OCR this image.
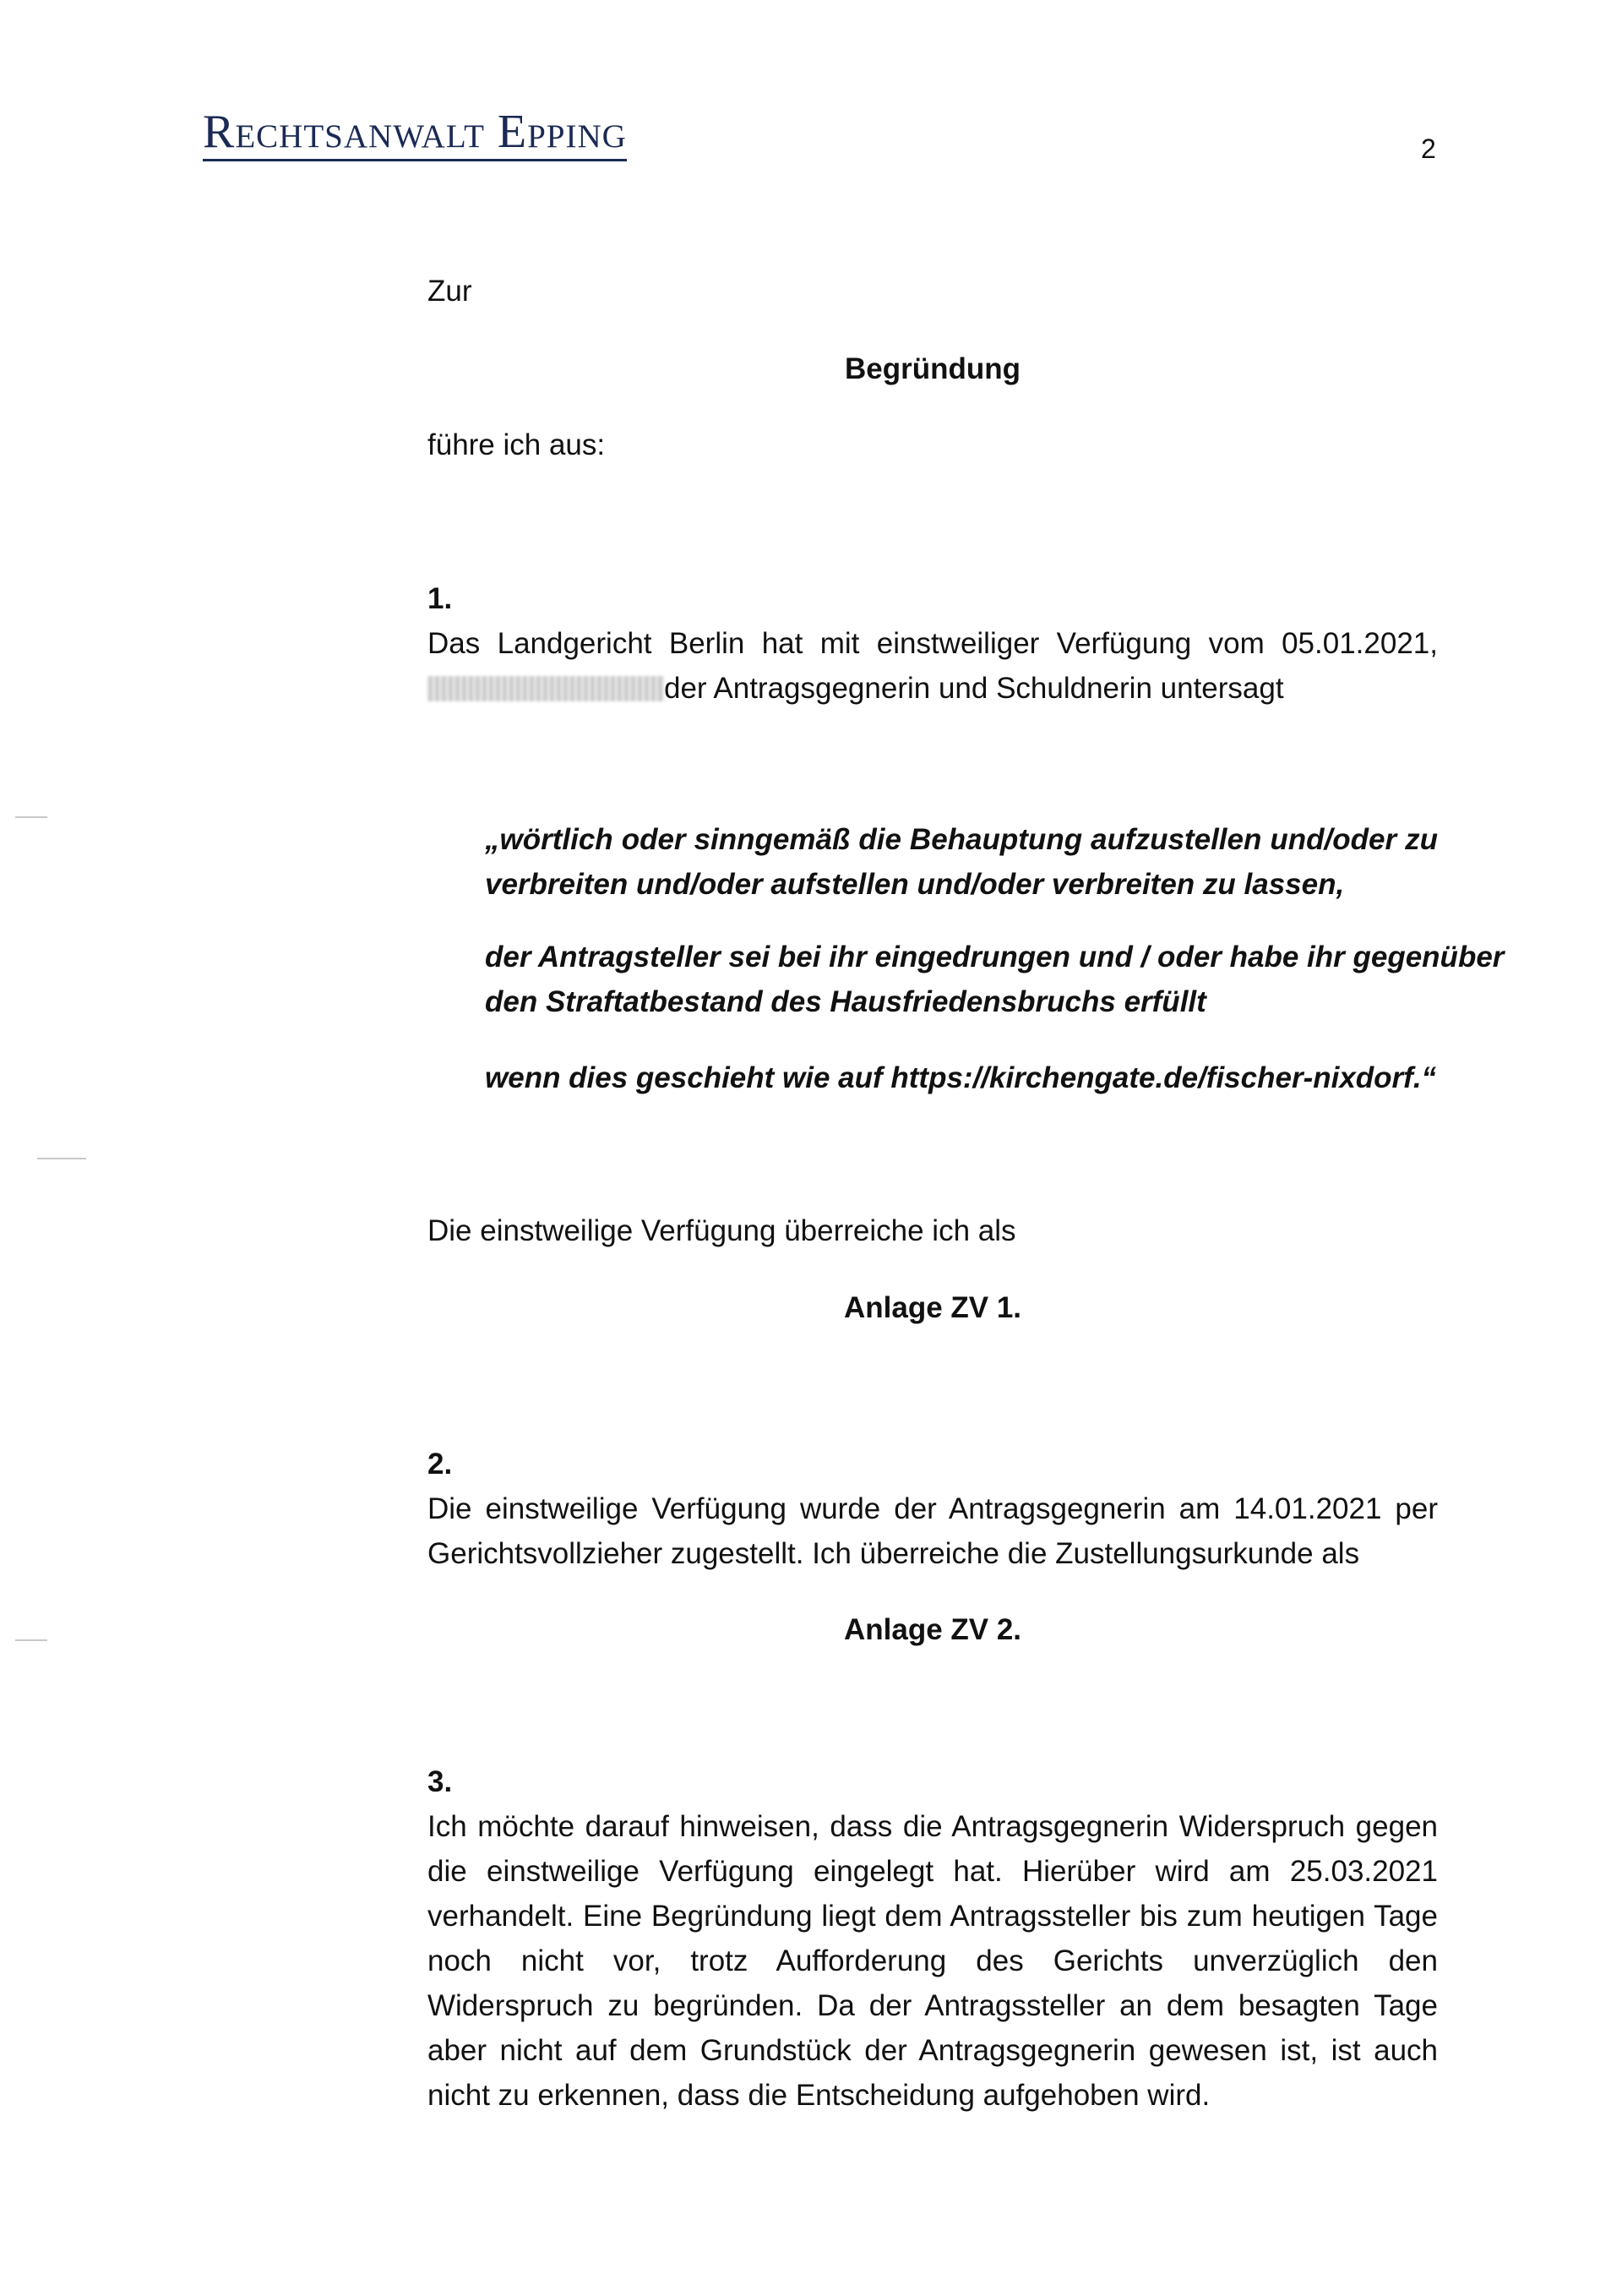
Rechtsanwalt Epping	2
Zur
Begründung
führe ich aus:
1.
Das Landgericht Berlin hat mit einstweiliger Verfügung vom 05.01.2021,
der Antragsgegnerin und Schuldnerin untersagt
„wörtlich oder sinngemäß die Behauptung aufzustellen und/oder zu
verbreiten und/oder aufstellen und/oder verbreiten zu lassen,
der Antragsteller sei bei ihr eingedrungen und / oder habe ihr gegenüber
den Straftatbestand des Hausfriedensbruchs erfüllt
wenn dies geschieht wie auf https://kirchengate.de/fischer-nixdorf.“
Die einstweilige Verfügung überreiche ich als
Anlage ZV 1.
2.
Die einstweilige Verfügung wurde der Antragsgegnerin am 14.01.2021 per
Gerichtsvollzieher zugestellt. Ich überreiche die Zustellungsurkunde als
Anlage ZV 2.
3.
Ich möchte darauf hinweisen, dass die Antragsgegnerin Widerspruch gegen
die einstweilige Verfügung eingelegt hat. Hierüber wird am 25.03.2021
verhandelt. Eine Begründung liegt dem Antragssteller bis zum heutigen Tage
noch nicht vor, trotz Aufforderung des Gerichts unverzüglich den
Widerspruch zu begründen. Da der Antragssteller an dem besagten Tage
aber nicht auf dem Grundstück der Antragsgegnerin gewesen ist, ist auch
nicht zu erkennen, dass die Entscheidung aufgehoben wird.
